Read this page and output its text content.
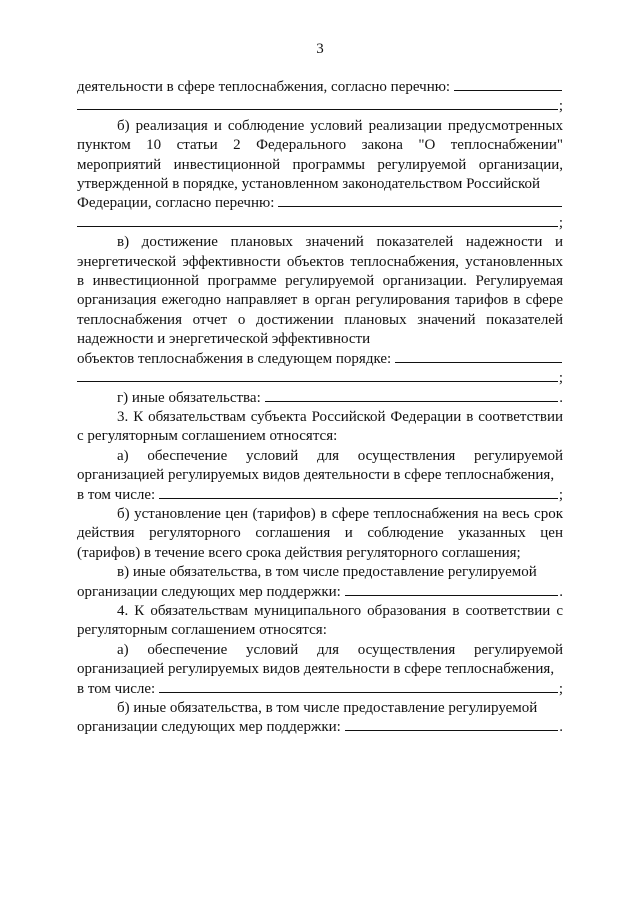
3
деятельности в сфере теплоснабжения, согласно перечню:
;

б) реализация и соблюдение условий реализации предусмотренных пунктом 10 статьи 2 Федерального закона "О теплоснабжении" мероприятий инвестиционной программы регулируемой организации, утвержденной в порядке, установленном законодательством Российской

Федерации, согласно перечню:
;

в) достижение плановых значений показателей надежности и энергетической эффективности объектов теплоснабжения, установленных в инвестиционной программе регулируемой организации. Регулируемая организация ежегодно направляет в орган регулирования тарифов в сфере теплоснабжения отчет о достижении плановых значений показателей надежности и энергетической эффективности

объектов теплоснабжения в следующем порядке:
;
г) иные обязательства:	.

3. К обязательствам субъекта Российской Федерации в соответствии с регуляторным соглашением относятся:

а) обеспечение условий для осуществления регулируемой организацией регулируемых видов деятельности в сфере теплоснабжения,

в том числе:	;

б) установление цен (тарифов) в сфере теплоснабжения на весь срок действия регуляторного соглашения и соблюдение указанных цен (тарифов) в течение всего срока действия регуляторного соглашения;

в) иные обязательства, в том числе предоставление регулируемой

организации следующих мер поддержки:	.

4. К обязательствам муниципального образования в соответствии с регуляторным соглашением относятся:

а) обеспечение условий для осуществления регулируемой организацией регулируемых видов деятельности в сфере теплоснабжения,

в том числе:	;

б) иные обязательства, в том числе предоставление регулируемой

организации следующих мер поддержки:	.
